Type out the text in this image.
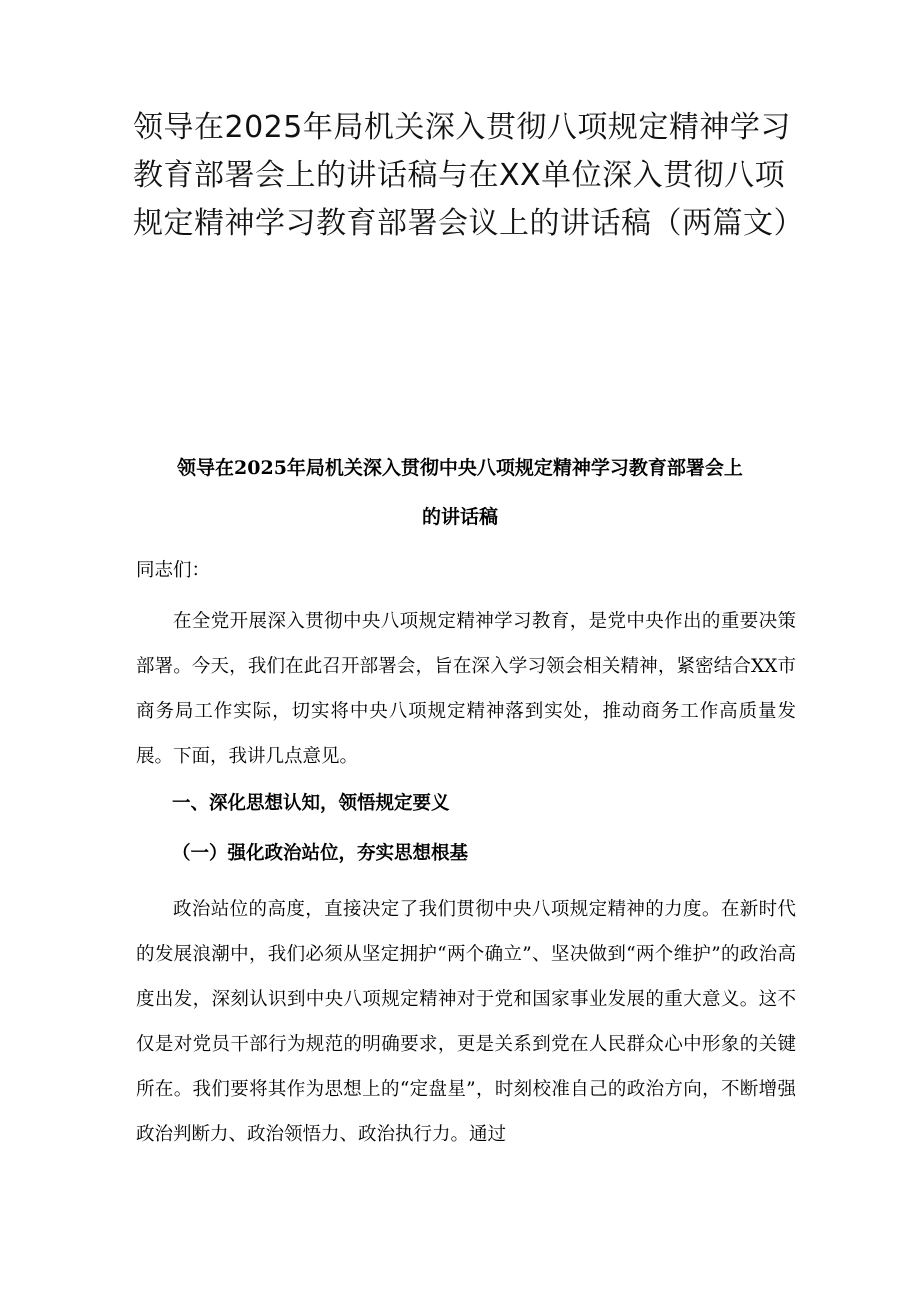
领导在2025年局机关深入贯彻八项规定精神学习教育部署会上的讲话稿与在XX单位深入贯彻八项规定精神学习教育部署会议上的讲话稿（两篇文）
领导在2025年局机关深入贯彻中央八项规定精神学习教育部署会上
的讲话稿

同志们：

在全党开展深入贯彻中央八项规定精神学习教育，是党中央作出的重要决策部署。今天，我们在此召开部署会，旨在深入学习领会相关精神，紧密结合XX市商务局工作实际，切实将中央八项规定精神落到实处，推动商务工作高质量发展。下面，我讲几点意见。

一、深化思想认知，领悟规定要义
（一）强化政治站位，夯实思想根基

政治站位的高度，直接决定了我们贯彻中央八项规定精神的力度。在新时代的发展浪潮中，我们必须从坚定拥护“两个确立”、坚决做到“两个维护”的政治高度出发，深刻认识到中央八项规定精神对于党和国家事业发展的重大意义。这不仅是对党员干部行为规范的明确要求，更是关系到党在人民群众心中形象的关键所在。我们要将其作为思想上的“定盘星”，时刻校准自己的政治方向，不断增强政治判断力、政治领悟力、政治执行力。通过
